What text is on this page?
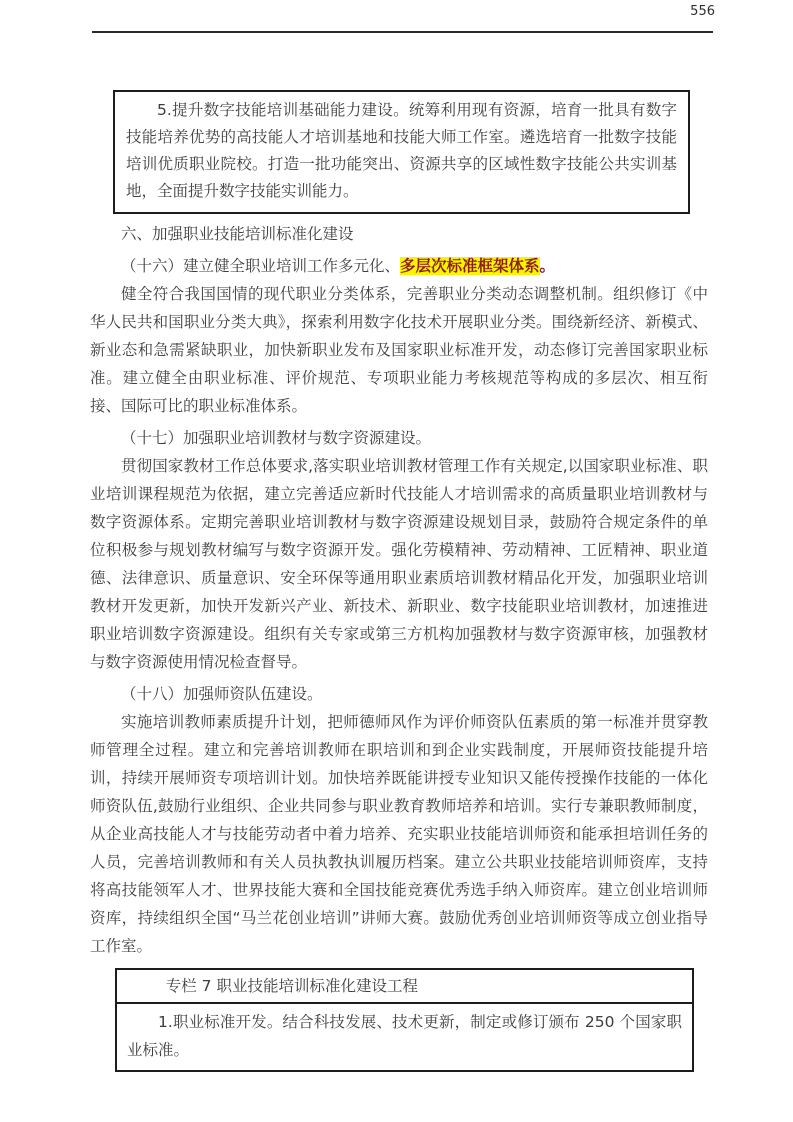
556

5.提升数字技能培训基础能力建设。统筹利用现有资源，培育一批具有数字技能培养优势的高技能人才培训基地和技能大师工作室。遴选培育一批数字技能培训优质职业院校。打造一批功能突出、资源共享的区域性数字技能公共实训基地，全面提升数字技能实训能力。

六、加强职业技能培训标准化建设

（十六）建立健全职业培训工作多元化、多层次标准框架体系。

健全符合我国国情的现代职业分类体系，完善职业分类动态调整机制。组织修订《中华人民共和国职业分类大典》，探索利用数字化技术开展职业分类。围绕新经济、新模式、新业态和急需紧缺职业，加快新职业发布及国家职业标准开发，动态修订完善国家职业标准。建立健全由职业标准、评价规范、专项职业能力考核规范等构成的多层次、相互衔接、国际可比的职业标准体系。

（十七）加强职业培训教材与数字资源建设。

贯彻国家教材工作总体要求,落实职业培训教材管理工作有关规定,以国家职业标准、职业培训课程规范为依据，建立完善适应新时代技能人才培训需求的高质量职业培训教材与数字资源体系。定期完善职业培训教材与数字资源建设规划目录，鼓励符合规定条件的单位积极参与规划教材编写与数字资源开发。强化劳模精神、劳动精神、工匠精神、职业道德、法律意识、质量意识、安全环保等通用职业素质培训教材精品化开发，加强职业培训教材开发更新，加快开发新兴产业、新技术、新职业、数字技能职业培训教材，加速推进职业培训数字资源建设。组织有关专家或第三方机构加强教材与数字资源审核，加强教材与数字资源使用情况检查督导。

（十八）加强师资队伍建设。

实施培训教师素质提升计划，把师德师风作为评价师资队伍素质的第一标准并贯穿教师管理全过程。建立和完善培训教师在职培训和到企业实践制度，开展师资技能提升培训，持续开展师资专项培训计划。加快培养既能讲授专业知识又能传授操作技能的一体化师资队伍,鼓励行业组织、企业共同参与职业教育教师培养和培训。实行专兼职教师制度，从企业高技能人才与技能劳动者中着力培养、充实职业技能培训师资和能承担培训任务的人员，完善培训教师和有关人员执教执训履历档案。建立公共职业技能培训师资库，支持将高技能领军人才、世界技能大赛和全国技能竞赛优秀选手纳入师资库。建立创业培训师资库，持续组织全国“马兰花创业培训”讲师大赛。鼓励优秀创业培训师资等成立创业指导工作室。

专栏 7 职业技能培训标准化建设工程

1.职业标准开发。结合科技发展、技术更新，制定或修订颁布 250 个国家职业标准。
